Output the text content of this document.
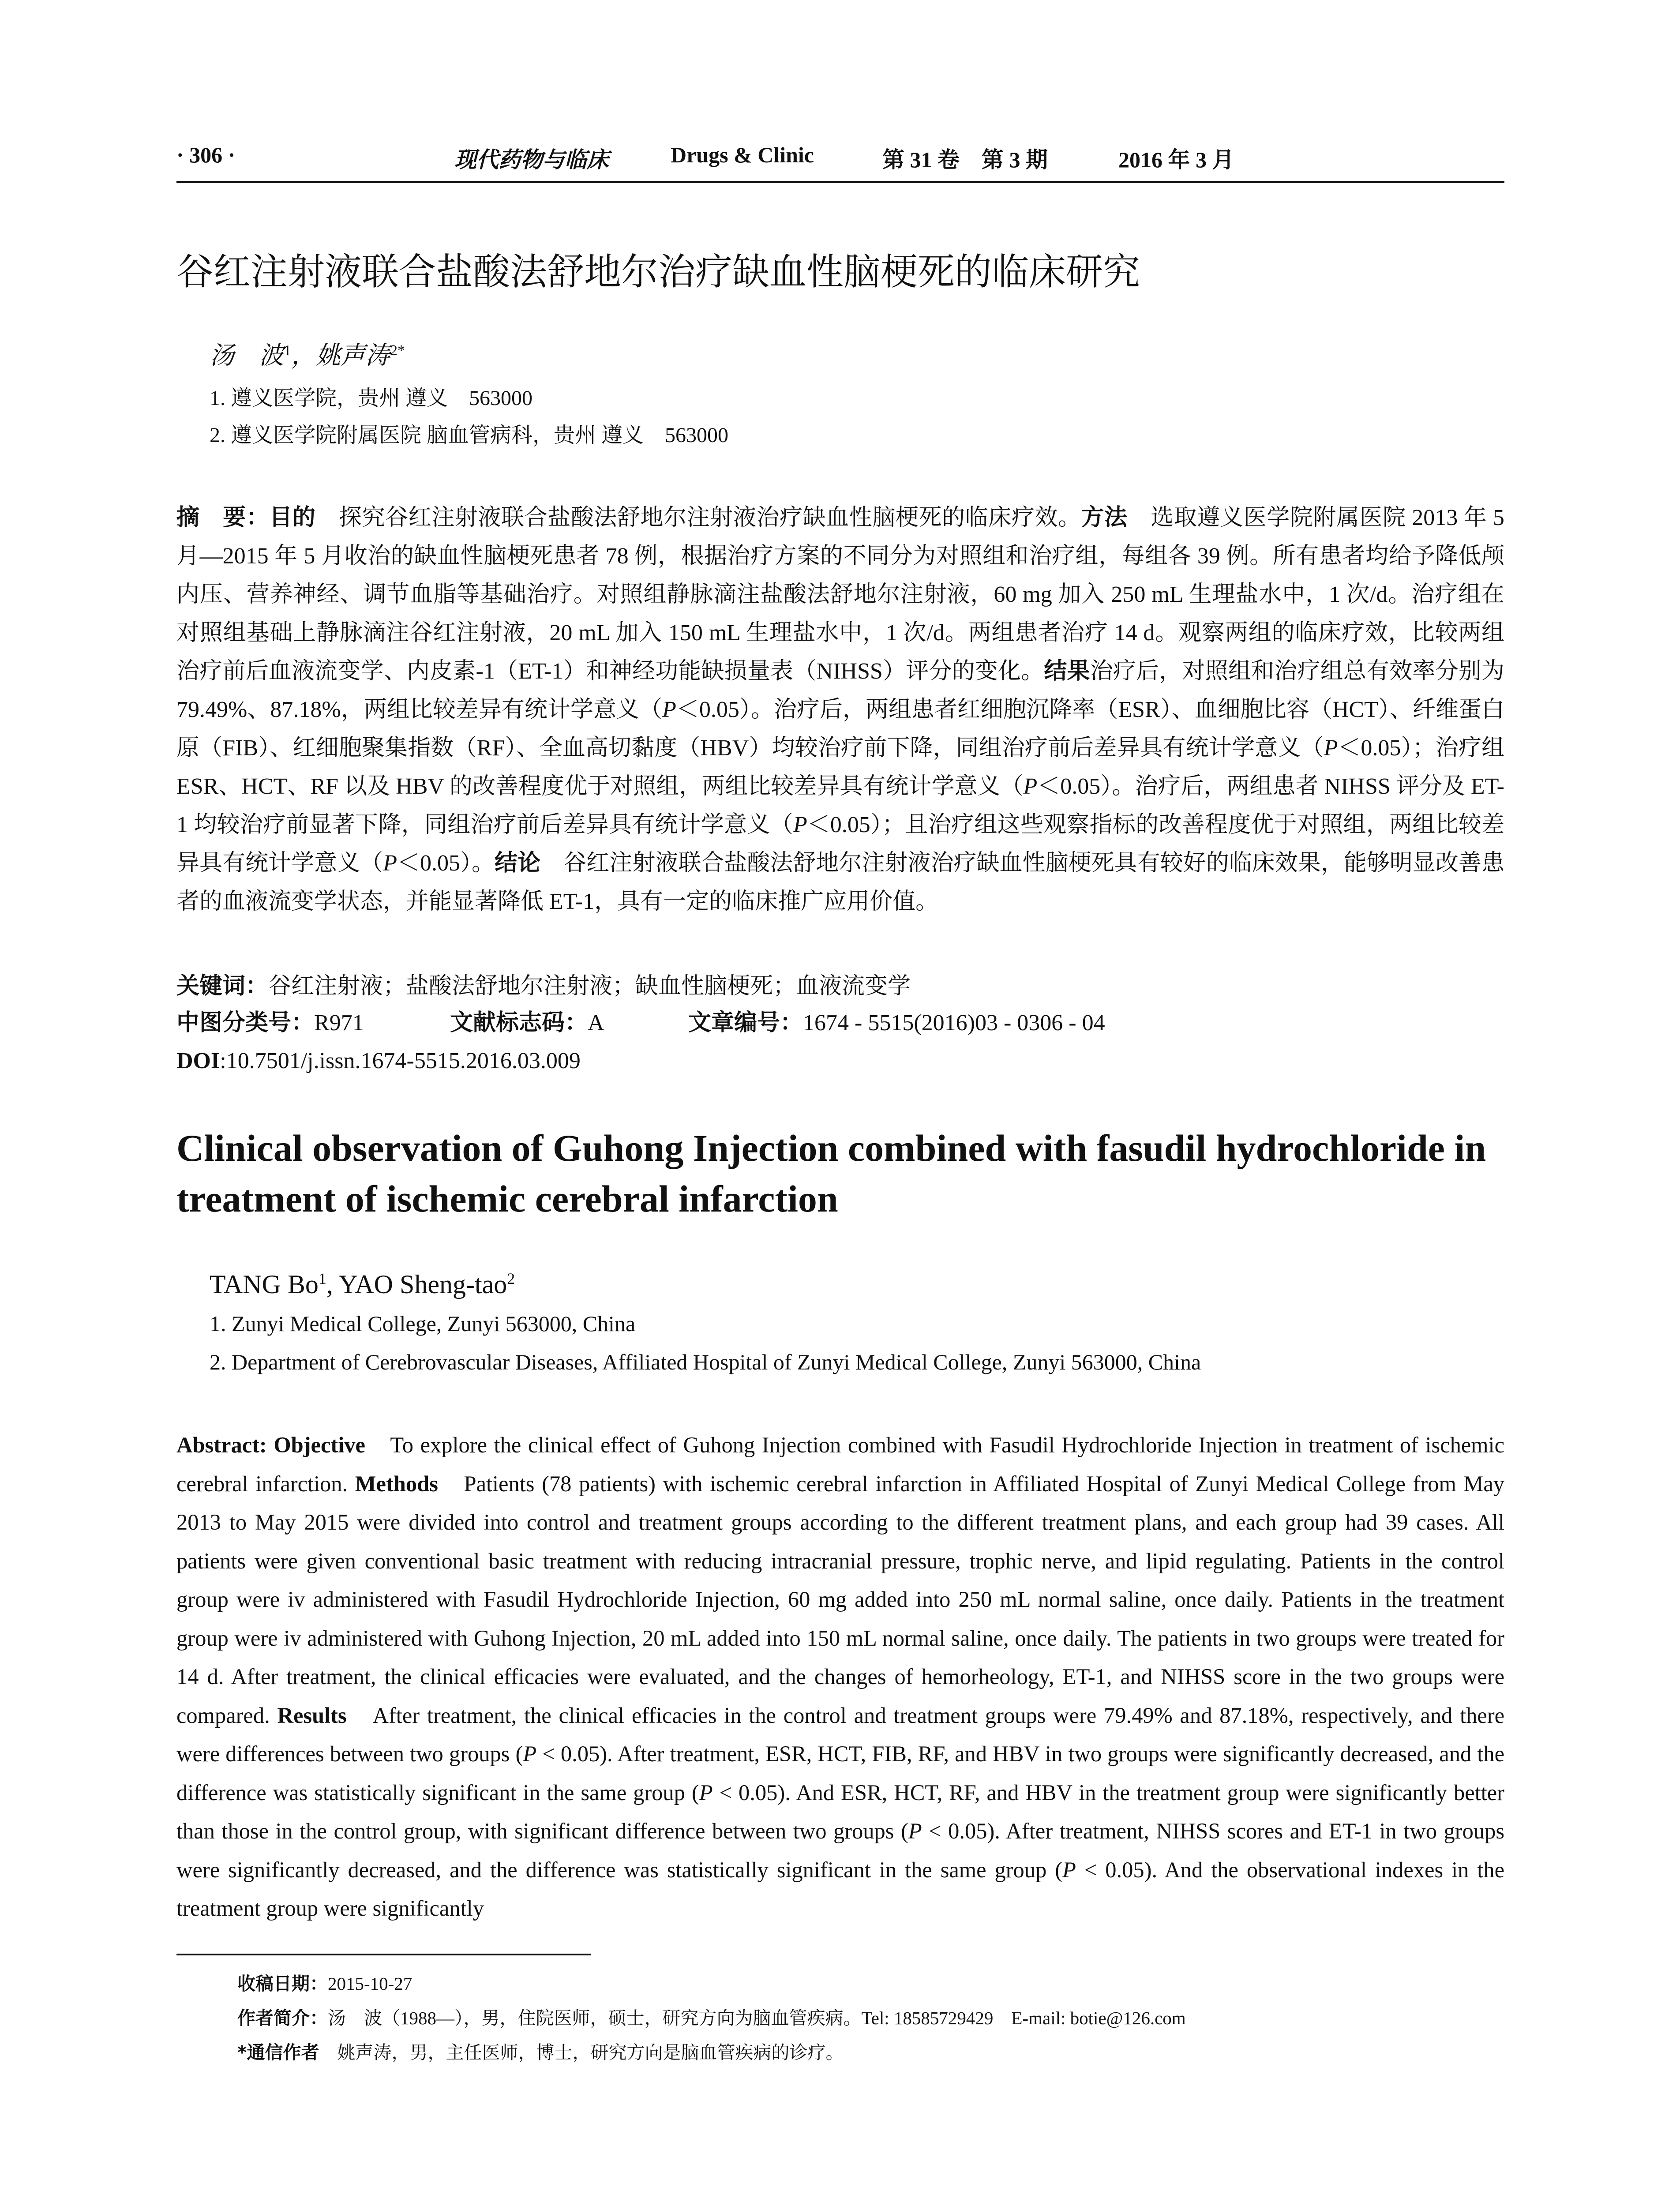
· 306 ·	现代药物与临床	Drugs & Clinic	第 31 卷　第 3 期	2016 年 3 月
谷红注射液联合盐酸法舒地尔治疗缺血性脑梗死的临床研究
汤　波$^1$，姚声涛$^{2*}$
1. 遵义医学院，贵州 遵义　563000
2. 遵义医学院附属医院 脑血管病科，贵州 遵义　563000

摘　要：目的　探究谷红注射液联合盐酸法舒地尔注射液治疗缺血性脑梗死的临床疗效。方法　选取遵义医学院附属医院 2013 年 5 月—2015 年 5 月收治的缺血性脑梗死患者 78 例，根据治疗方案的不同分为对照组和治疗组，每组各 39 例。所有患者均给予降低颅内压、营养神经、调节血脂等基础治疗。对照组静脉滴注盐酸法舒地尔注射液，60 mg 加入 250 mL 生理盐水中，1 次/d。治疗组在对照组基础上静脉滴注谷红注射液，20 mL 加入 150 mL 生理盐水中，1 次/d。两组患者治疗 14 d。观察两组的临床疗效，比较两组治疗前后血液流变学、内皮素-1（ET-1）和神经功能缺损量表（NIHSS）评分的变化。结果治疗后，对照组和治疗组总有效率分别为 79.49%、87.18%，两组比较差异有统计学意义（P＜0.05）。治疗后，两组患者红细胞沉降率（ESR）、血细胞比容（HCT）、纤维蛋白原（FIB）、红细胞聚集指数（RF）、全血高切黏度（HBV）均较治疗前下降，同组治疗前后差异具有统计学意义（P＜0.05）；治疗组 ESR、HCT、RF 以及 HBV 的改善程度优于对照组，两组比较差异具有统计学意义（P＜0.05）。治疗后，两组患者 NIHSS 评分及 ET-1 均较治疗前显著下降，同组治疗前后差异具有统计学意义（P＜0.05）；且治疗组这些观察指标的改善程度优于对照组，两组比较差异具有统计学意义（P＜0.05）。结论　谷红注射液联合盐酸法舒地尔注射液治疗缺血性脑梗死具有较好的临床效果，能够明显改善患者的血液流变学状态，并能显著降低 ET-1，具有一定的临床推广应用价值。

关键词：谷红注射液；盐酸法舒地尔注射液；缺血性脑梗死；血液流变学
中图分类号：R971	文献标志码：A	文章编号：1674 - 5515(2016)03 - 0306 - 04
DOI:10.7501/j.issn.1674-5515.2016.03.009
Clinical observation of Guhong Injection combined with fasudil hydrochloride in treatment of ischemic cerebral infarction
TANG Bo$^1$, YAO Sheng-tao$^2$
1. Zunyi Medical College, Zunyi 563000, China
2. Department of Cerebrovascular Diseases, Affiliated Hospital of Zunyi Medical College, Zunyi 563000, China

Abstract: Objective　To explore the clinical effect of Guhong Injection combined with Fasudil Hydrochloride Injection in treatment of ischemic cerebral infarction. Methods　Patients (78 patients) with ischemic cerebral infarction in Affiliated Hospital of Zunyi Medical College from May 2013 to May 2015 were divided into control and treatment groups according to the different treatment plans, and each group had 39 cases. All patients were given conventional basic treatment with reducing intracranial pressure, trophic nerve, and lipid regulating. Patients in the control group were iv administered with Fasudil Hydrochloride Injection, 60 mg added into 250 mL normal saline, once daily. Patients in the treatment group were iv administered with Guhong Injection, 20 mL added into 150 mL normal saline, once daily. The patients in two groups were treated for 14 d. After treatment, the clinical efficacies were evaluated, and the changes of hemorheology, ET-1, and NIHSS score in the two groups were compared. Results　After treatment, the clinical efficacies in the control and treatment groups were 79.49% and 87.18%, respectively, and there were differences between two groups (P < 0.05). After treatment, ESR, HCT, FIB, RF, and HBV in two groups were significantly decreased, and the difference was statistically significant in the same group (P < 0.05). And ESR, HCT, RF, and HBV in the treatment group were significantly better than those in the control group, with significant difference between two groups (P < 0.05). After treatment, NIHSS scores and ET-1 in two groups were significantly decreased, and the difference was statistically significant in the same group (P < 0.05). And the observational indexes in the treatment group were significantly

收稿日期：2015-10-27
作者简介：汤　波（1988—），男，住院医师，硕士，研究方向为脑血管疾病。Tel: 18585729429　E-mail: botie@126.com
*通信作者　姚声涛，男，主任医师，博士，研究方向是脑血管疾病的诊疗。
